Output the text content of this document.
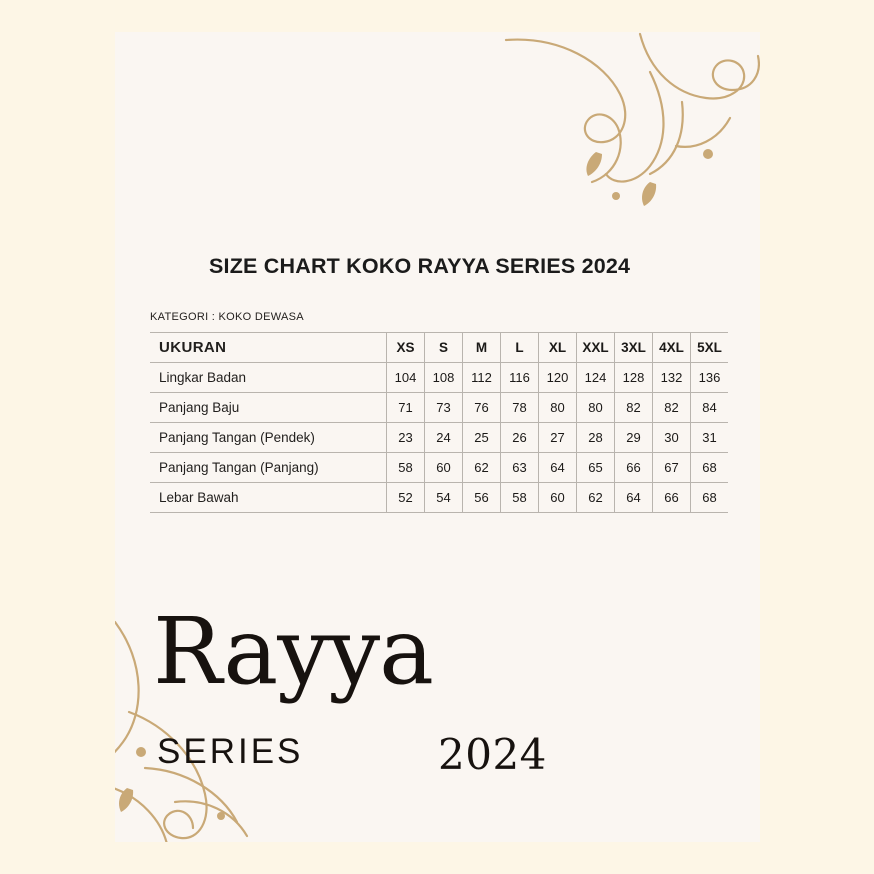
SIZE CHART KOKO RAYYA SERIES 2024
KATEGORI : KOKO DEWASA
UKURAN	XS	S	M	L	XL	XXL	3XL	4XL	5XL
Lingkar Badan	104	108	112	116	120	124	128	132	136
Panjang Baju	71	73	76	78	80	80	82	82	84
Panjang Tangan (Pendek)	23	24	25	26	27	28	29	30	31
Panjang Tangan (Panjang)	58	60	62	63	64	65	66	67	68
Lebar Bawah	52	54	56	58	60	62	64	66	68
Rayya
SERIES	2024
